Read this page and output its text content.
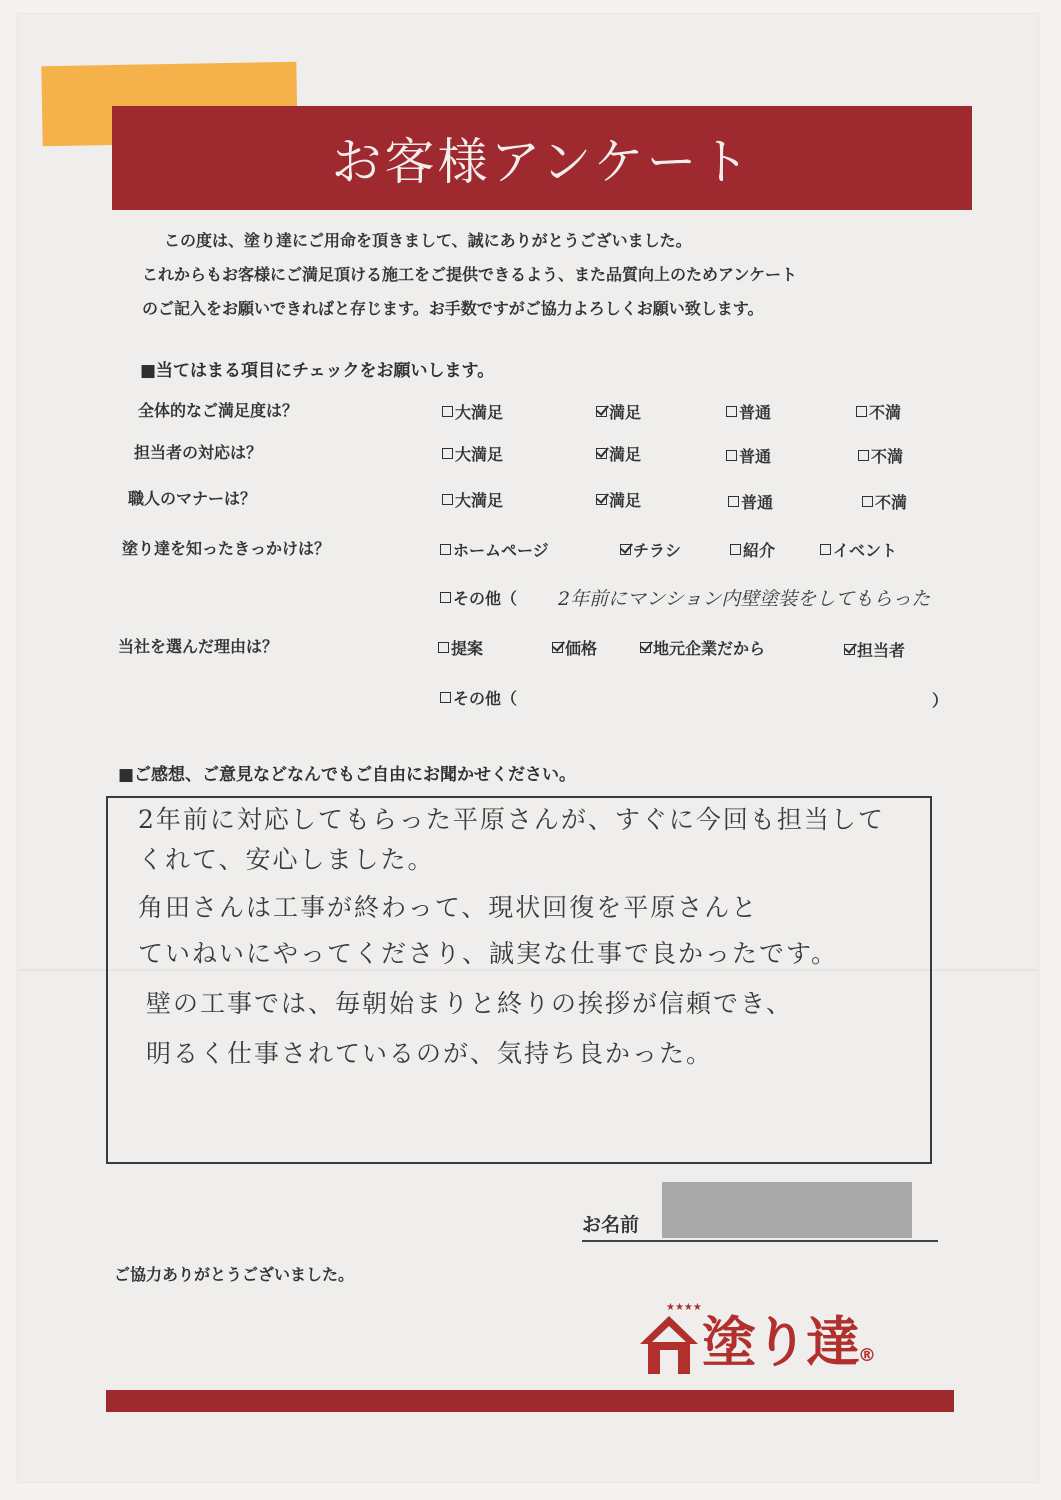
お客様アンケート
この度は、塗り達にご用命を頂きまして、誠にありがとうございました。
これからもお客様にご満足頂ける施工をご提供できるよう、また品質向上のためアンケート
のご記入をお願いできればと存じます。お手数ですがご協力よろしくお願い致します。
■当てはまる項目にチェックをお願いします。
全体的なご満足度は？	大満足	満足	普通	不満
担当者の対応は？	大満足	満足	普通	不満
職人のマナーは？	大満足	満足	普通	不満
塗り達を知ったきっかけは？	ホームページ	チラシ	紹介	イベント
その他（ 2年前にマンション内壁塗装をしてもらった
当社を選んだ理由は？	提案	価格	地元企業だから	担当者
その他（	）
■ご感想、ご意見などなんでもご自由にお聞かせください。
2年前に対応してもらった平原さんが、すぐに今回も担当して
くれて、安心しました。
角田さんは工事が終わって、現状回復を平原さんと
ていねいにやってくださり、誠実な仕事で良かったです。
壁の工事では、毎朝始まりと終りの挨拶が信頼でき、
明るく仕事されているのが、気持ち良かった。
お名前
ご協力ありがとうございました。
★★★★
塗り達®
